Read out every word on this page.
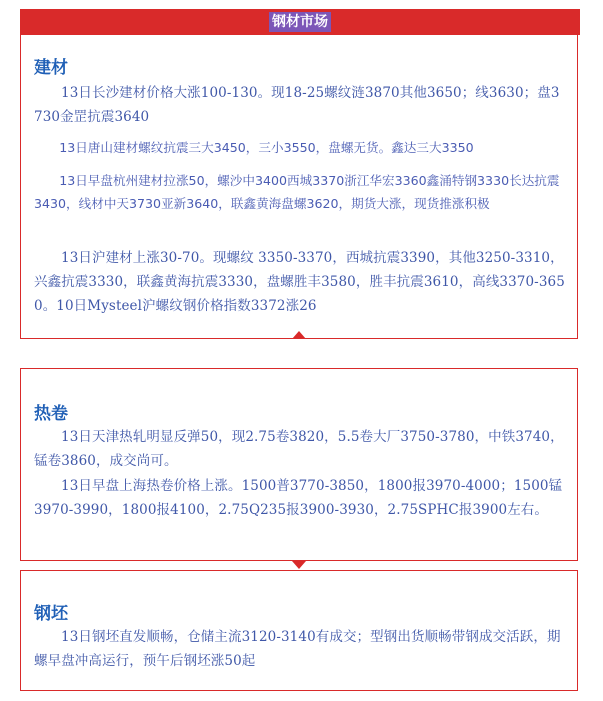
钢材市场
建材

13日长沙建材价格大涨100-130。现18-25螺纹涟3870其他3650；线3630；盘3730金罡抗震3640

13日唐山建材螺纹抗震三大3450，三小3550，盘螺无货。鑫达三大3350

13日早盘杭州建材拉涨50，螺沙中3400西城3370浙江华宏3360鑫涌特钢3330长达抗震3430，线材中天3730亚新3640，联鑫黄海盘螺3620，期货大涨，现货推涨积极

13日沪建材上涨30-70。现螺纹 3350-3370，西城抗震3390，其他3250-3310，兴鑫抗震3330，联鑫黄海抗震3330，盘螺胜丰3580，胜丰抗震3610，高线3370-3650。10日Mysteel沪螺纹钢价格指数3372涨26

热卷

13日天津热轧明显反弹50，现2.75卷3820，5.5卷大厂3750-3780，中铁3740，锰卷3860，成交尚可。

13日早盘上海热卷价格上涨。1500普3770-3850，1800报3970-4000；1500锰3970-3990，1800报4100，2.75Q235报3900-3930，2.75SPHC报3900左右。

钢坯

13日钢坯直发顺畅，仓储主流3120-3140有成交；型钢出货顺畅带钢成交活跃，期螺早盘冲高运行，预午后钢坯涨50起
